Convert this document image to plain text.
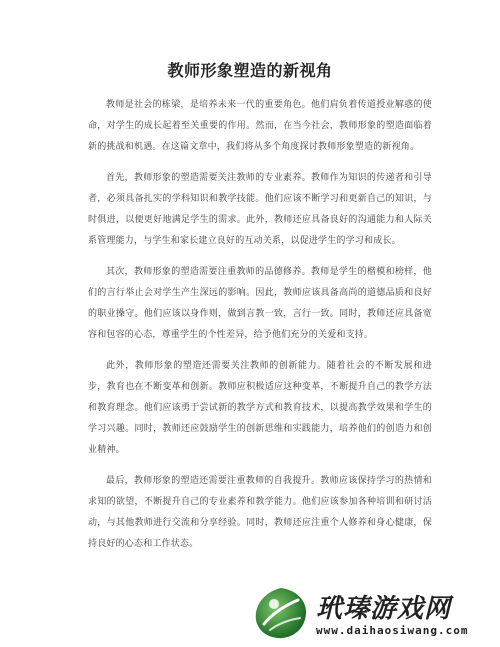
教师形象塑造的新视角

教师是社会的栋梁，是培养未来一代的重要角色。他们肩负着传道授业解惑的使命，对学生的成长起着至关重要的作用。然而，在当今社会，教师形象的塑造面临着新的挑战和机遇。在这篇文章中，我们将从多个角度探讨教师形象塑造的新视角。

首先，教师形象的塑造需要关注教师的专业素养。教师作为知识的传递者和引导者，必须具备扎实的学科知识和教学技能。他们应该不断学习和更新自己的知识，与时俱进，以便更好地满足学生的需求。此外，教师还应具备良好的沟通能力和人际关系管理能力，与学生和家长建立良好的互动关系，以促进学生的学习和成长。

其次，教师形象的塑造需要注重教师的品德修养。教师是学生的楷模和榜样，他们的言行举止会对学生产生深远的影响。因此，教师应该具备高尚的道德品质和良好的职业操守。他们应该以身作则，做到言教一致，言行一致。同时，教师还应具备宽容和包容的心态，尊重学生的个性差异，给予他们充分的关爱和支持。

此外，教师形象的塑造还需要关注教师的创新能力。随着社会的不断发展和进步，教育也在不断变革和创新。教师应积极适应这种变革，不断提升自己的教学方法和教育理念。他们应该勇于尝试新的教学方式和教育技术，以提高教学效果和学生的学习兴趣。同时，教师还应鼓励学生的创新思维和实践能力，培养他们的创造力和创业精神。

最后，教师形象的塑造还需要注重教师的自我提升。教师应该保持学习的热情和求知的欲望，不断提升自己的专业素养和教学能力。他们应该参加各种培训和研讨活动，与其他教师进行交流和分享经验。同时，教师还应注重个人修养和身心健康，保持良好的心态和工作状态。

玳瑧游戏网
www.daihaosiwang.com
